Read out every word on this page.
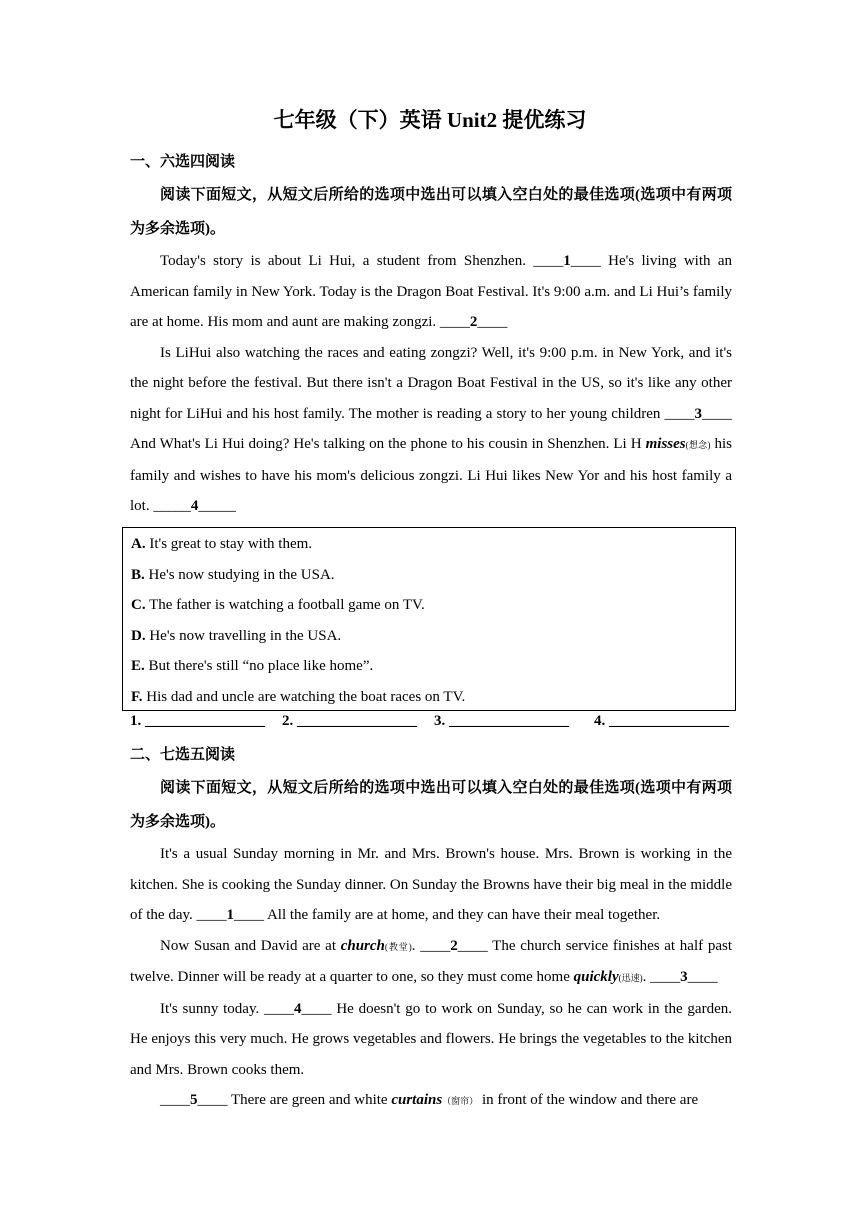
七年级（下）英语 Unit2 提优练习
一、六选四阅读

阅读下面短文，从短文后所给的选项中选出可以填入空白处的最佳选项(选项中有两项为多余选项)。

Today's story is about Li Hui, a student from Shenzhen. ____1____ He's living with an American family in New York. Today is the Dragon Boat Festival. It's 9:00 a.m. and Li Hui’s family are at home. His mom and aunt are making zongzi. ____2____

Is LiHui also watching the races and eating zongzi? Well, it's 9:00 p.m. in New York, and it's the night before the festival. But there isn't a Dragon Boat Festival in the US, so it's like any other night for LiHui and his host family. The mother is reading a story to her young children ____3____ And What's Li Hui doing? He's talking on the phone to his cousin in Shenzhen. Li H misses(想念) his family and wishes to have his mom's delicious zongzi. Li Hui likes New Yor and his host family a lot. _____4_____

A. It's great to stay with them.
B. He's now studying in the USA.
C. The father is watching a football game on TV.
D. He's now travelling in the USA.
E. But there's still “no place like home”.
F. His dad and uncle are watching the boat races on TV.
1. ________________ 2. ________________ 3. ________________ 4. ________________
二、七选五阅读

阅读下面短文，从短文后所给的选项中选出可以填入空白处的最佳选项(选项中有两项为多余选项)。

It's a usual Sunday morning in Mr. and Mrs. Brown's house. Mrs. Brown is working in the kitchen. She is cooking the Sunday dinner. On Sunday the Browns have their big meal in the middle of the day. ____1____ All the family are at home, and they can have their meal together.

Now Susan and David are at church(教堂). ____2____ The church service finishes at half past twelve. Dinner will be ready at a quarter to one, so they must come home quickly(迅速). ____3____

It's sunny today. ____4____ He doesn't go to work on Sunday, so he can work in the garden. He enjoys this very much. He grows vegetables and flowers. He brings the vegetables to the kitchen and Mrs. Brown cooks them.

____5____ There are green and white curtains（窗帘） in front of the window and there are
